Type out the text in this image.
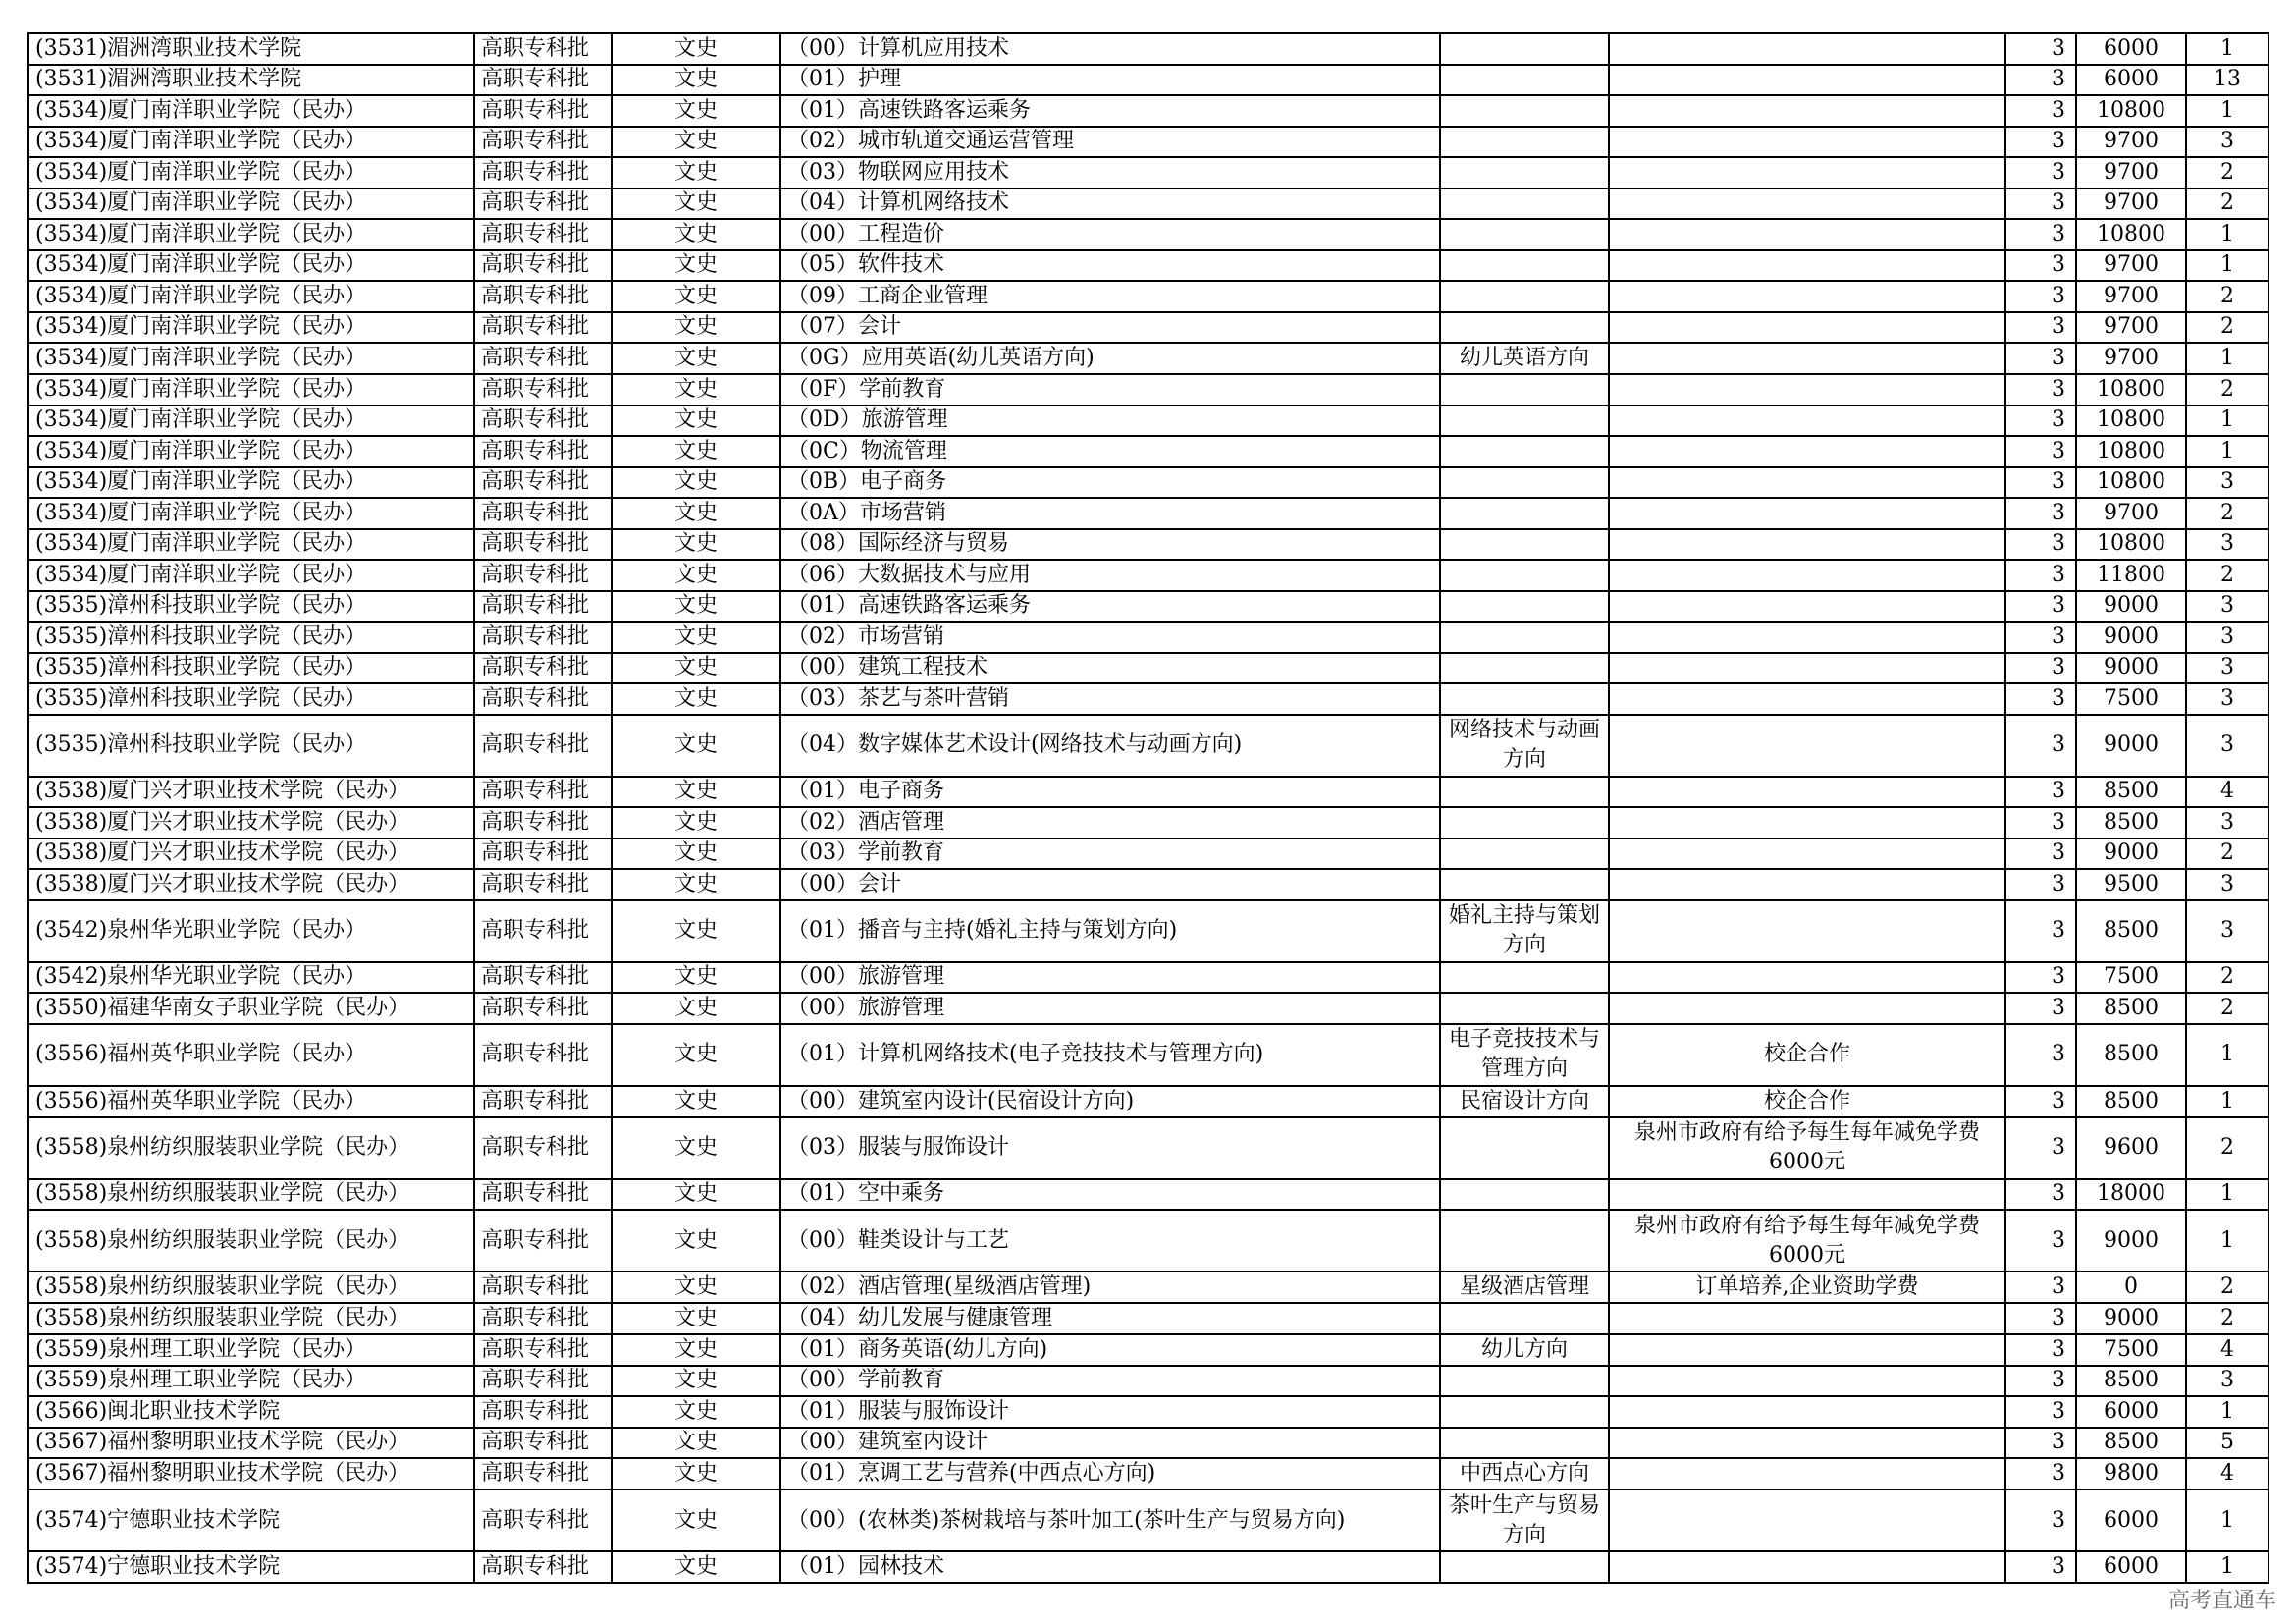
(3531)湄洲湾职业技术学院	高职专科批	文史	（00）计算机应用技术			3	6000	1
(3531)湄洲湾职业技术学院	高职专科批	文史	（01）护理			3	6000	13
(3534)厦门南洋职业学院（民办）	高职专科批	文史	（01）高速铁路客运乘务			3	10800	1
(3534)厦门南洋职业学院（民办）	高职专科批	文史	（02）城市轨道交通运营管理			3	9700	3
(3534)厦门南洋职业学院（民办）	高职专科批	文史	（03）物联网应用技术			3	9700	2
(3534)厦门南洋职业学院（民办）	高职专科批	文史	（04）计算机网络技术			3	9700	2
(3534)厦门南洋职业学院（民办）	高职专科批	文史	（00）工程造价			3	10800	1
(3534)厦门南洋职业学院（民办）	高职专科批	文史	（05）软件技术			3	9700	1
(3534)厦门南洋职业学院（民办）	高职专科批	文史	（09）工商企业管理			3	9700	2
(3534)厦门南洋职业学院（民办）	高职专科批	文史	（07）会计			3	9700	2
(3534)厦门南洋职业学院（民办）	高职专科批	文史	（0G）应用英语(幼儿英语方向)	幼儿英语方向		3	9700	1
(3534)厦门南洋职业学院（民办）	高职专科批	文史	（0F）学前教育			3	10800	2
(3534)厦门南洋职业学院（民办）	高职专科批	文史	（0D）旅游管理			3	10800	1
(3534)厦门南洋职业学院（民办）	高职专科批	文史	（0C）物流管理			3	10800	1
(3534)厦门南洋职业学院（民办）	高职专科批	文史	（0B）电子商务			3	10800	3
(3534)厦门南洋职业学院（民办）	高职专科批	文史	（0A）市场营销			3	9700	2
(3534)厦门南洋职业学院（民办）	高职专科批	文史	（08）国际经济与贸易			3	10800	3
(3534)厦门南洋职业学院（民办）	高职专科批	文史	（06）大数据技术与应用			3	11800	2
(3535)漳州科技职业学院（民办）	高职专科批	文史	（01）高速铁路客运乘务			3	9000	3
(3535)漳州科技职业学院（民办）	高职专科批	文史	（02）市场营销			3	9000	3
(3535)漳州科技职业学院（民办）	高职专科批	文史	（00）建筑工程技术			3	9000	3
(3535)漳州科技职业学院（民办）	高职专科批	文史	（03）茶艺与茶叶营销			3	7500	3
(3535)漳州科技职业学院（民办）	高职专科批	文史	（04）数字媒体艺术设计(网络技术与动画方向)	网络技术与动画方向		3	9000	3
(3538)厦门兴才职业技术学院（民办）	高职专科批	文史	（01）电子商务			3	8500	4
(3538)厦门兴才职业技术学院（民办）	高职专科批	文史	（02）酒店管理			3	8500	3
(3538)厦门兴才职业技术学院（民办）	高职专科批	文史	（03）学前教育			3	9000	2
(3538)厦门兴才职业技术学院（民办）	高职专科批	文史	（00）会计			3	9500	3
(3542)泉州华光职业学院（民办）	高职专科批	文史	（01）播音与主持(婚礼主持与策划方向)	婚礼主持与策划方向		3	8500	3
(3542)泉州华光职业学院（民办）	高职专科批	文史	（00）旅游管理			3	7500	2
(3550)福建华南女子职业学院（民办）	高职专科批	文史	（00）旅游管理			3	8500	2
(3556)福州英华职业学院（民办）	高职专科批	文史	（01）计算机网络技术(电子竞技技术与管理方向)	电子竞技技术与管理方向	校企合作	3	8500	1
(3556)福州英华职业学院（民办）	高职专科批	文史	（00）建筑室内设计(民宿设计方向)	民宿设计方向	校企合作	3	8500	1
(3558)泉州纺织服装职业学院（民办）	高职专科批	文史	（03）服装与服饰设计		泉州市政府有给予每生每年减免学费6000元	3	9600	2
(3558)泉州纺织服装职业学院（民办）	高职专科批	文史	（01）空中乘务			3	18000	1
(3558)泉州纺织服装职业学院（民办）	高职专科批	文史	（00）鞋类设计与工艺		泉州市政府有给予每生每年减免学费6000元	3	9000	1
(3558)泉州纺织服装职业学院（民办）	高职专科批	文史	（02）酒店管理(星级酒店管理)	星级酒店管理	订单培养,企业资助学费	3	0	2
(3558)泉州纺织服装职业学院（民办）	高职专科批	文史	（04）幼儿发展与健康管理			3	9000	2
(3559)泉州理工职业学院（民办）	高职专科批	文史	（01）商务英语(幼儿方向)	幼儿方向		3	7500	4
(3559)泉州理工职业学院（民办）	高职专科批	文史	（00）学前教育			3	8500	3
(3566)闽北职业技术学院	高职专科批	文史	（01）服装与服饰设计			3	6000	1
(3567)福州黎明职业技术学院（民办）	高职专科批	文史	（00）建筑室内设计			3	8500	5
(3567)福州黎明职业技术学院（民办）	高职专科批	文史	（01）烹调工艺与营养(中西点心方向)	中西点心方向		3	9800	4
(3574)宁德职业技术学院	高职专科批	文史	（00）(农林类)茶树栽培与茶叶加工(茶叶生产与贸易方向)	茶叶生产与贸易方向		3	6000	1
(3574)宁德职业技术学院	高职专科批	文史	（01）园林技术			3	6000	1
高考直通车
